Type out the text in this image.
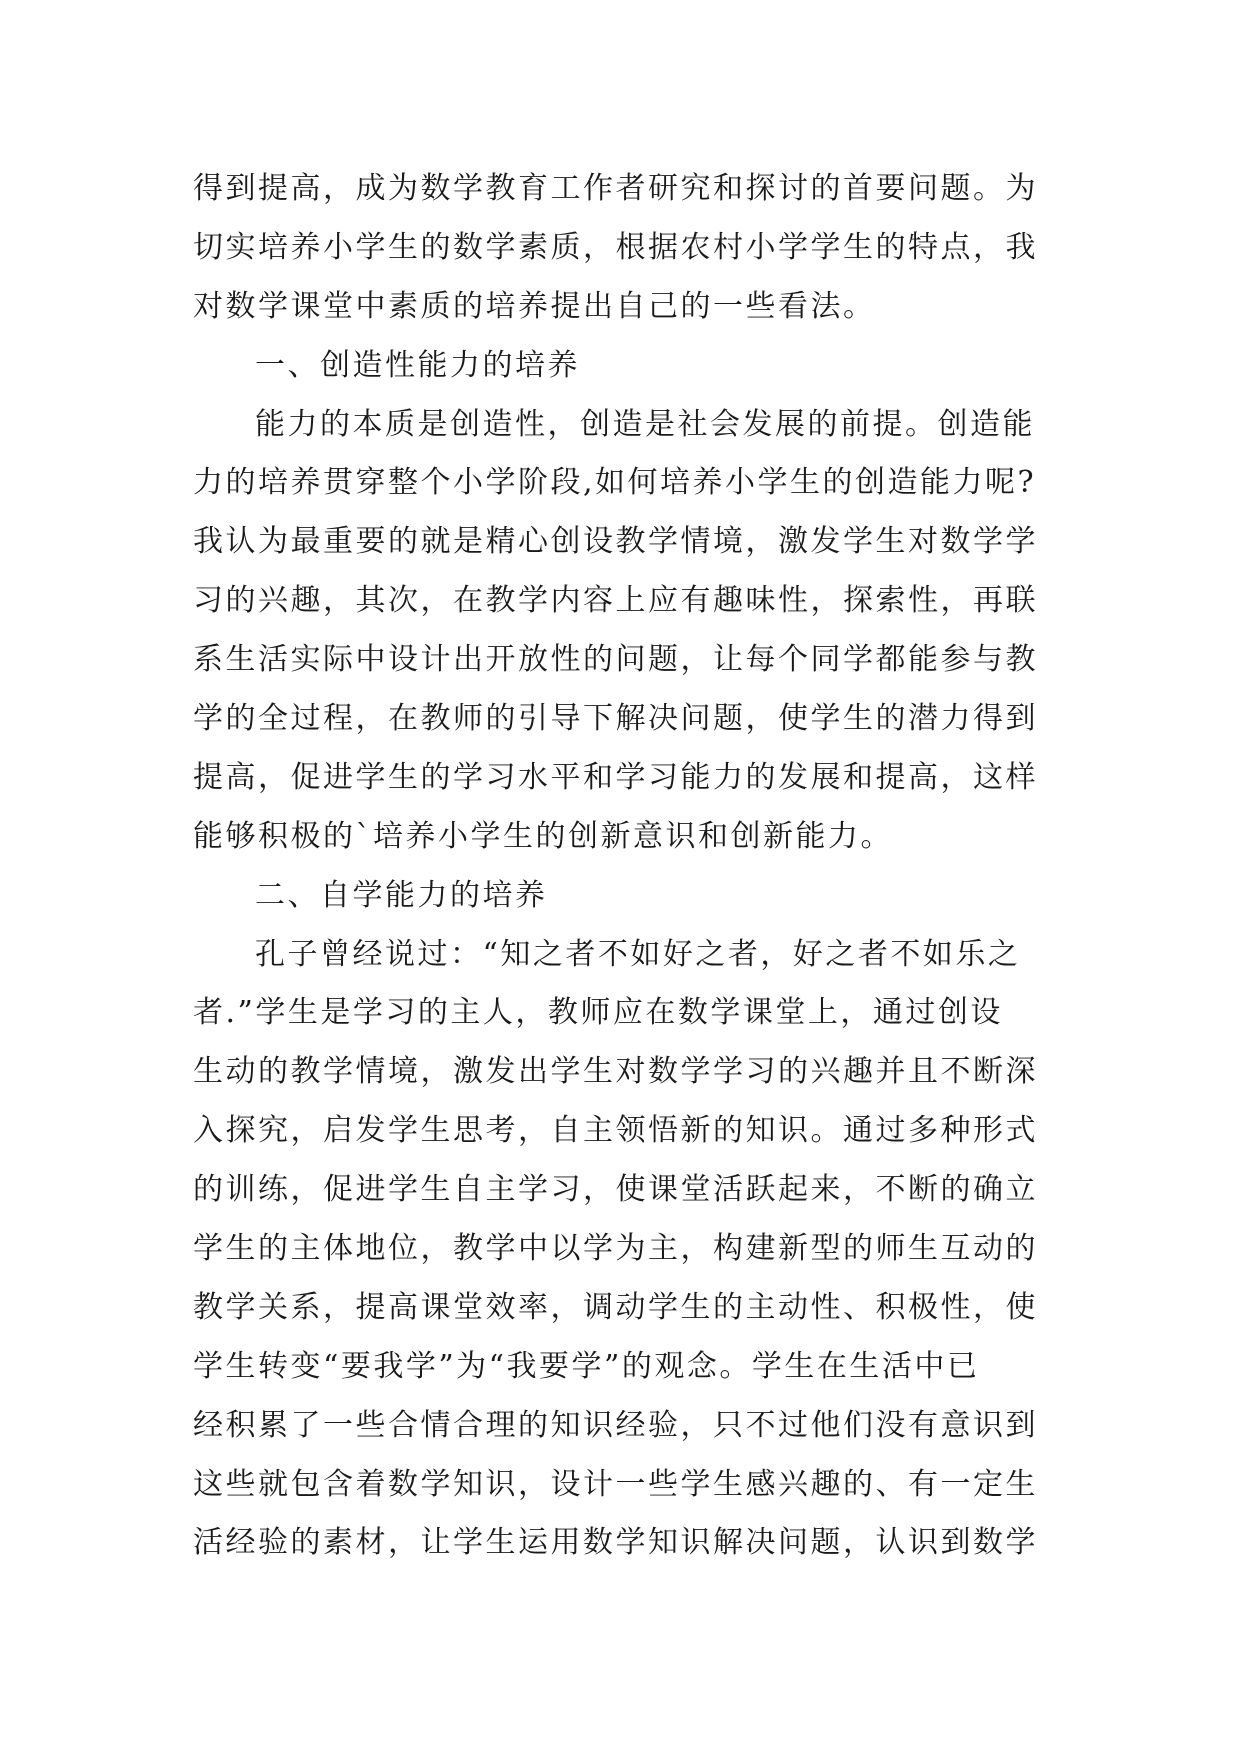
得到提高，成为数学教育工作者研究和探讨的首要问题。为
切实培养小学生的数学素质，根据农村小学学生的特点，我
对数学课堂中素质的培养提出自己的一些看法。
一、创造性能力的培养
能力的本质是创造性，创造是社会发展的前提。创造能
力的培养贯穿整个小学阶段,如何培养小学生的创造能力呢?
我认为最重要的就是精心创设教学情境，激发学生对数学学
习的兴趣，其次，在教学内容上应有趣味性，探索性，再联
系生活实际中设计出开放性的问题，让每个同学都能参与教
学的全过程，在教师的引导下解决问题，使学生的潜力得到
提高，促进学生的学习水平和学习能力的发展和提高，这样
能够积极的`培养小学生的创新意识和创新能力。
二、自学能力的培养
孔子曾经说过：“知之者不如好之者，好之者不如乐之
者.”学生是学习的主人，教师应在数学课堂上，通过创设
生动的教学情境，激发出学生对数学学习的兴趣并且不断深
入探究，启发学生思考，自主领悟新的知识。通过多种形式
的训练，促进学生自主学习，使课堂活跃起来，不断的确立
学生的主体地位，教学中以学为主，构建新型的师生互动的
教学关系，提高课堂效率，调动学生的主动性、积极性，使
学生转变“要我学”为“我要学”的观念。学生在生活中已
经积累了一些合情合理的知识经验，只不过他们没有意识到
这些就包含着数学知识，设计一些学生感兴趣的、有一定生
活经验的素材，让学生运用数学知识解决问题，认识到数学
